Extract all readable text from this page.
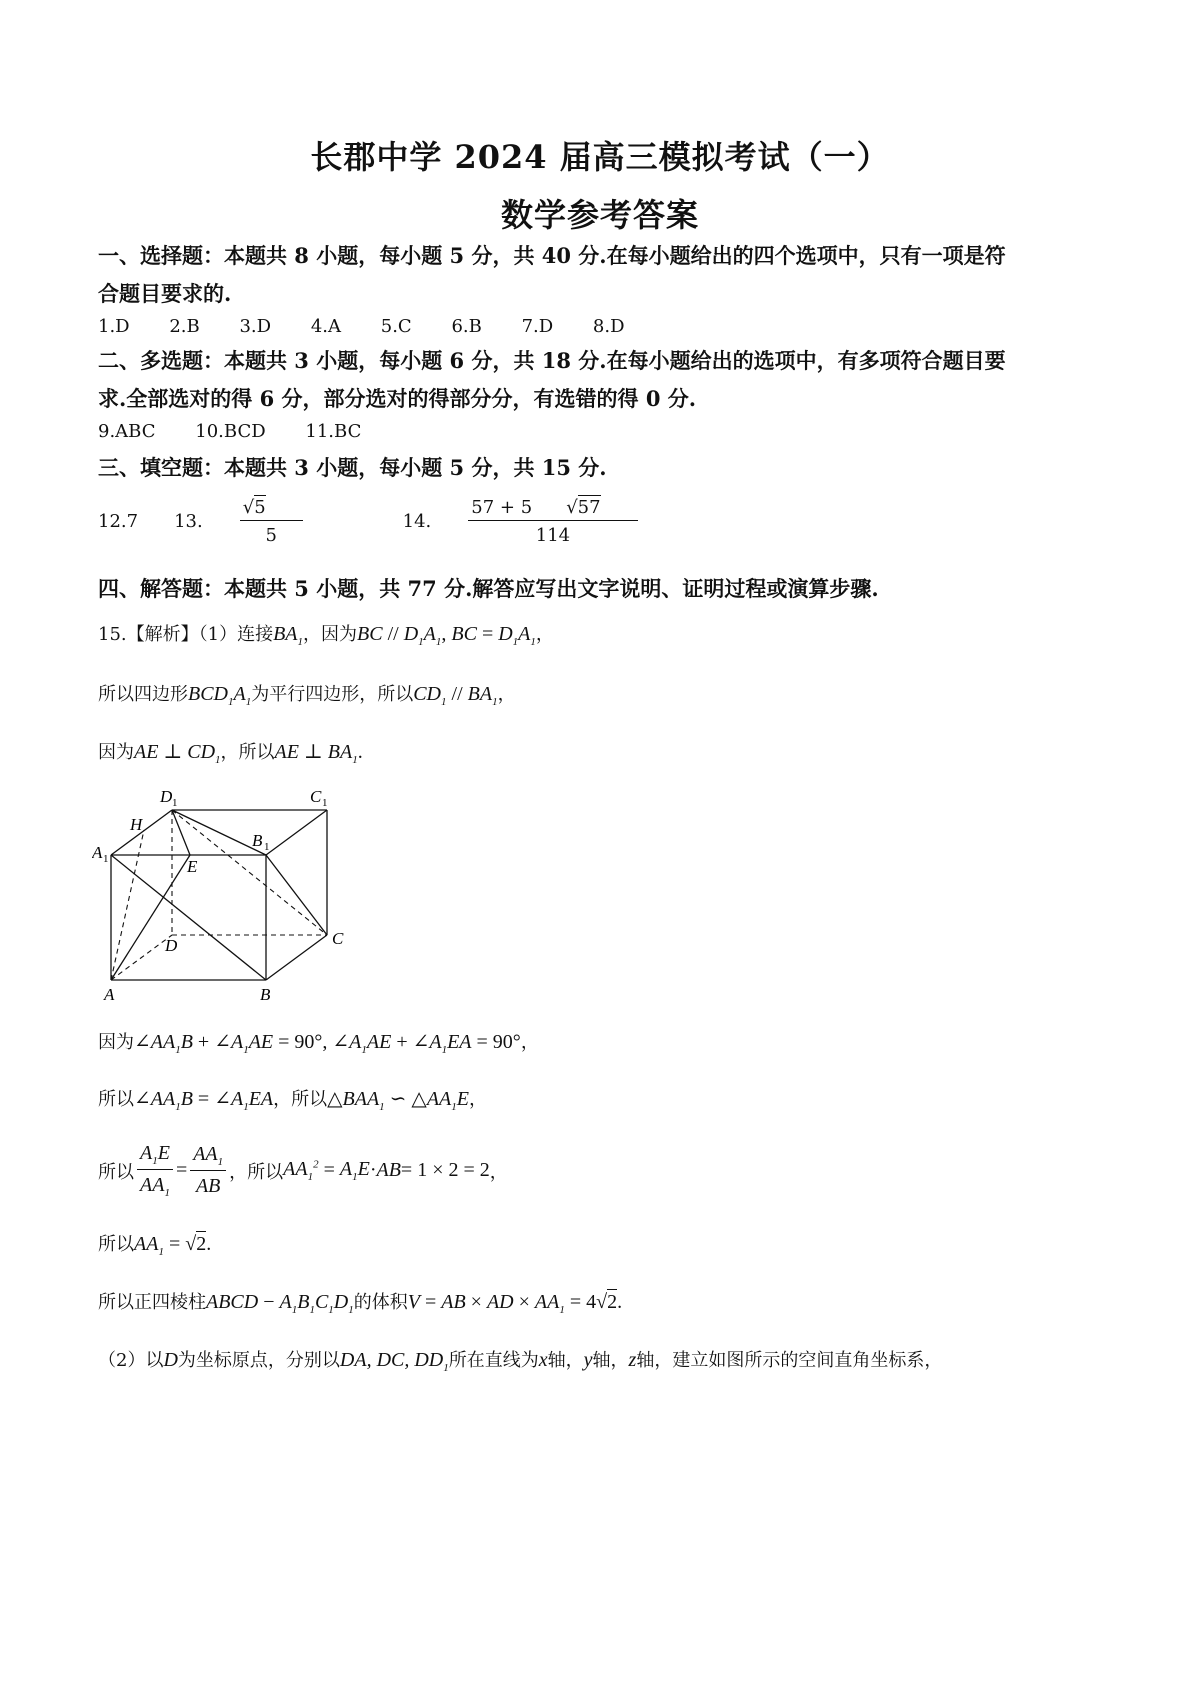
长郡中学 2024 届高三模拟考试（一）
数学参考答案
一、选择题：本题共 8 小题，每小题 5 分，共 40 分.在每小题给出的四个选项中，只有一项是符
合题目要求的.
1.D 2.B 3.D 4.A 5.C 6.B 7.D 8.D
二、多选题：本题共 3 小题，每小题 6 分，共 18 分.在每小题给出的选项中，有多项符合题目要
求.全部选对的得 6 分，部分选对的得部分分，有选错的得 0 分.
9.ABC 10.BCD 11.BC
三、填空题：本题共 3 小题，每小题 5 分，共 15 分.
12.7 13. $\frac{√5}{5}$	14. $\frac{57 + 5 √57}{114}$
四、解答题：本题共 5 小题，共 77 分.解答应写出文字说明、证明过程或演算步骤.
15.【解析】（1）连接$BA_1$，因为BC // $D_1A_1$, BC = $D_1A_1$，
所以四边形$BCD_1A_1$为平行四边形，所以$CD_1 // BA_1$，
因为AE ⊥ $CD_1$，所以AE ⊥ $BA_1$.
D 1	C 1
H
B 1
A 1	E
D	C
A	B
因为$\angle AA_1B$ + $\angle A_1AE = 90^\circ$, $\angle A_1AE$ + $\angle A_1EA = 90^\circ$，
所以$\angle AA_1B$ = $\angle A_1EA$，所以$\triangle BAA_1$ ∽ $\triangle AA_1E$，
所以 $\frac{A_1E}{AA_1} = \frac{AA_1}{AB}$ ，所以 $AA_1^2 = A_1E$ · AB = 1 × 2 = 2 ，
所以$AA_1 = √2$.
所以正四棱柱ABCD − $A_1B_1C_1D_1$的体积V = AB × AD × $AA_1 = 4√2$.
（2）以D为坐标原点，分别以DA, DC, $DD_1$所在直线为x轴，y轴，z轴，建立如图所示的空间直角坐标系，
